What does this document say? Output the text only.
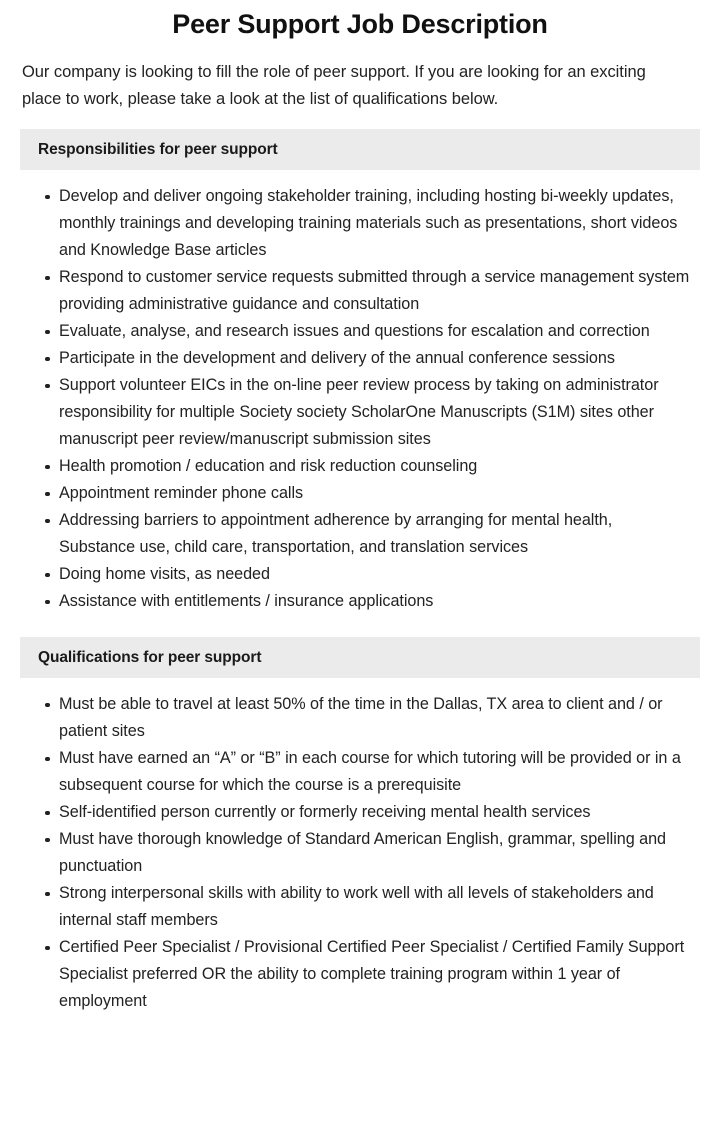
Peer Support Job Description

Our company is looking to fill the role of peer support. If you are looking for an exciting place to work, please take a look at the list of qualifications below.

Responsibilities for peer support
Develop and deliver ongoing stakeholder training, including hosting bi-weekly updates, monthly trainings and developing training materials such as presentations, short videos and Knowledge Base articles
Respond to customer service requests submitted through a service management system providing administrative guidance and consultation
Evaluate, analyse, and research issues and questions for escalation and correction
Participate in the development and delivery of the annual conference sessions
Support volunteer EICs in the on-line peer review process by taking on administrator responsibility for multiple Society society ScholarOne Manuscripts (S1M) sites other manuscript peer review/manuscript submission sites
Health promotion / education and risk reduction counseling
Appointment reminder phone calls
Addressing barriers to appointment adherence by arranging for mental health, Substance use, child care, transportation, and translation services
Doing home visits, as needed
Assistance with entitlements / insurance applications
Qualifications for peer support
Must be able to travel at least 50% of the time in the Dallas, TX area to client and / or patient sites
Must have earned an “A” or “B” in each course for which tutoring will be provided or in a subsequent course for which the course is a prerequisite
Self-identified person currently or formerly receiving mental health services
Must have thorough knowledge of Standard American English, grammar, spelling and punctuation
Strong interpersonal skills with ability to work well with all levels of stakeholders and internal staff members
Certified Peer Specialist / Provisional Certified Peer Specialist / Certified Family Support Specialist preferred OR the ability to complete training program within 1 year of employment
